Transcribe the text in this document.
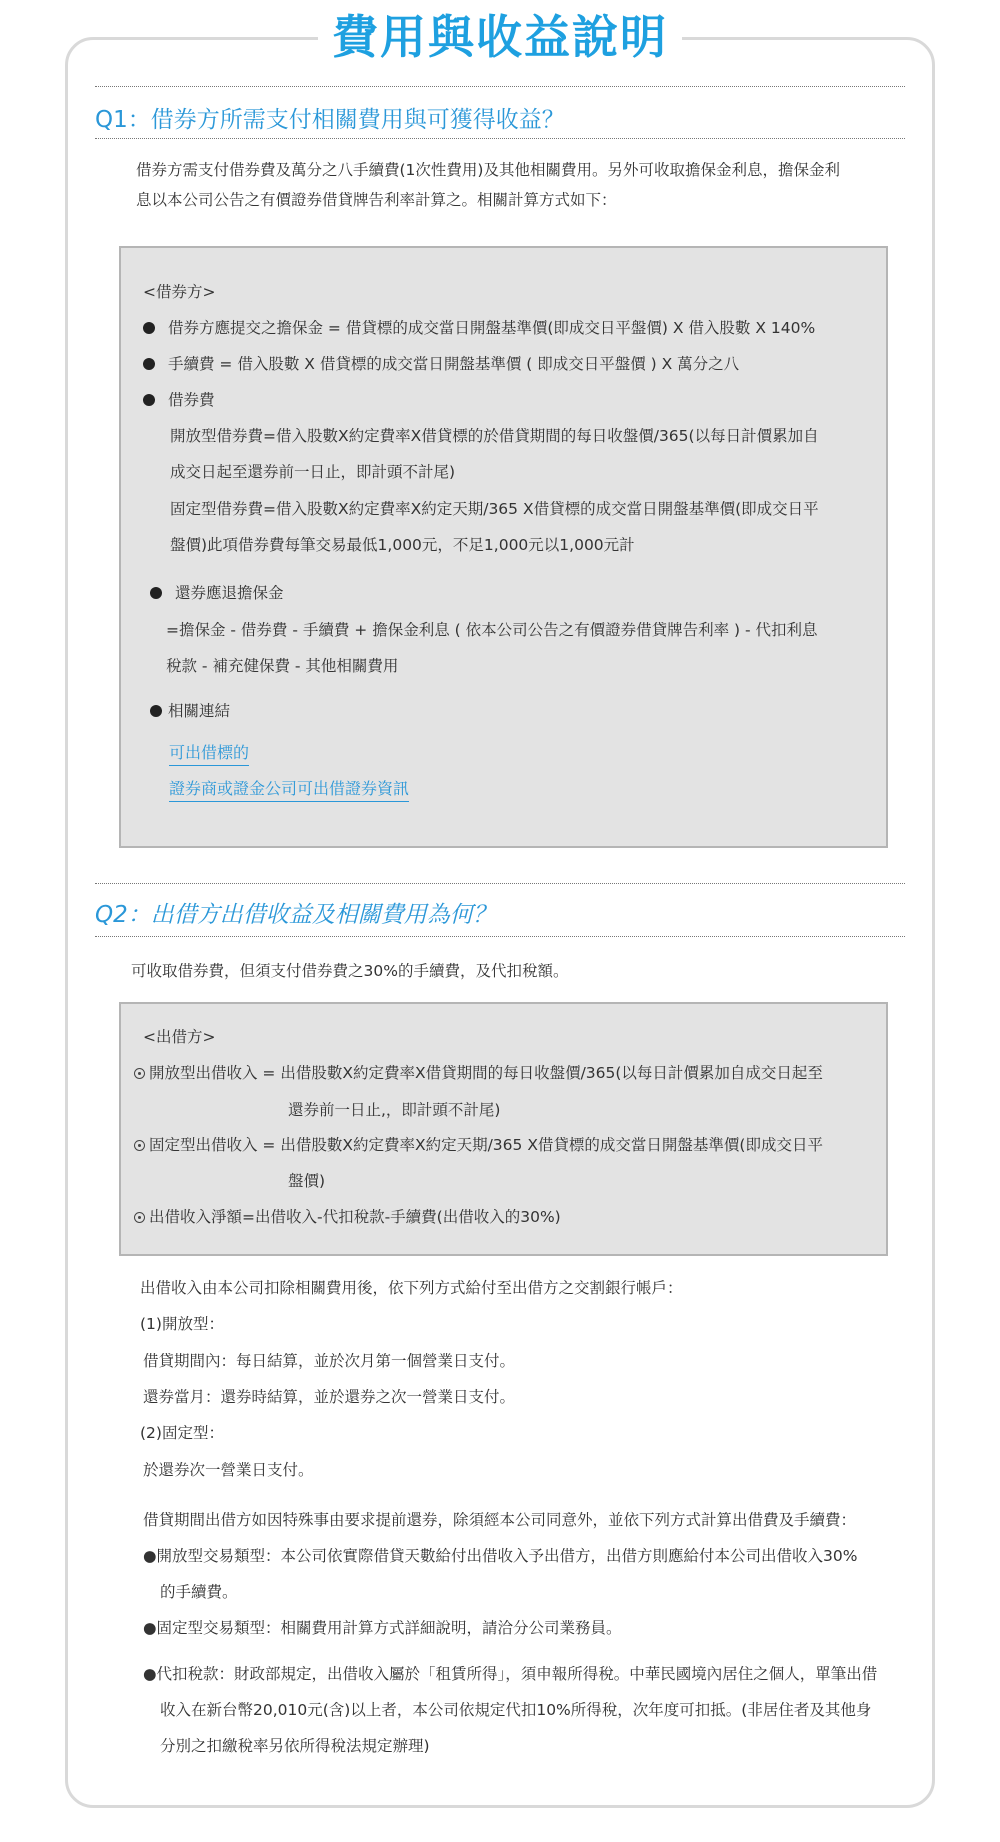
費用與收益說明
Q1：借券方所需支付相關費用與可獲得收益？
借券方需支付借券費及萬分之八手續費(1次性費用)及其他相關費用。另外可收取擔保金利息，擔保金利
息以本公司公告之有價證券借貸牌告利率計算之。相關計算方式如下：
<借券方>
借券方應提交之擔保金 = 借貸標的成交當日開盤基準價(即成交日平盤價) X 借入股數 X 140%
手續費 = 借入股數 X 借貸標的成交當日開盤基準價 ( 即成交日平盤價 ) X 萬分之八
借券費
開放型借券費=借入股數X約定費率X借貸標的於借貸期間的每日收盤價/365(以每日計價累加自
成交日起至還券前一日止，即計頭不計尾)
固定型借券費=借入股數X約定費率X約定天期/365 X借貸標的成交當日開盤基準價(即成交日平
盤價)此項借券費每筆交易最低1,000元，不足1,000元以1,000元計
還券應退擔保金
=擔保金 - 借券費 - 手續費 + 擔保金利息 ( 依本公司公告之有價證券借貸牌告利率 ) - 代扣利息
稅款 - 補充健保費 - 其他相關費用
相關連結
可出借標的
證券商或證金公司可出借證券資訊
Q2：出借方出借收益及相關費用為何？
可收取借券費，但須支付借券費之30%的手續費，及代扣稅額。
<出借方>
開放型出借收入 = 出借股數X約定費率X借貸期間的每日收盤價/365(以每日計價累加自成交日起至
還券前一日止,，即計頭不計尾)
固定型出借收入 = 出借股數X約定費率X約定天期/365 X借貸標的成交當日開盤基準價(即成交日平
盤價)
出借收入淨額=出借收入-代扣稅款-手續費(出借收入的30%)
出借收入由本公司扣除相關費用後，依下列方式給付至出借方之交割銀行帳戶：
(1)開放型：
借貸期間內：每日結算，並於次月第一個營業日支付。
還券當月：還券時結算，並於還券之次一營業日支付。
(2)固定型：
於還券次一營業日支付。
借貸期間出借方如因特殊事由要求提前還券，除須經本公司同意外，並依下列方式計算出借費及手續費：
●開放型交易類型：本公司依實際借貸天數給付出借收入予出借方，出借方則應給付本公司出借收入30%
的手續費。
●固定型交易類型：相關費用計算方式詳細說明，請洽分公司業務員。
●代扣稅款：財政部規定，出借收入屬於「租賃所得」，須申報所得稅。中華民國境內居住之個人，單筆出借
收入在新台幣20,010元(含)以上者，本公司依規定代扣10%所得稅，次年度可扣抵。(非居住者及其他身
分別之扣繳稅率另依所得稅法規定辦理)
